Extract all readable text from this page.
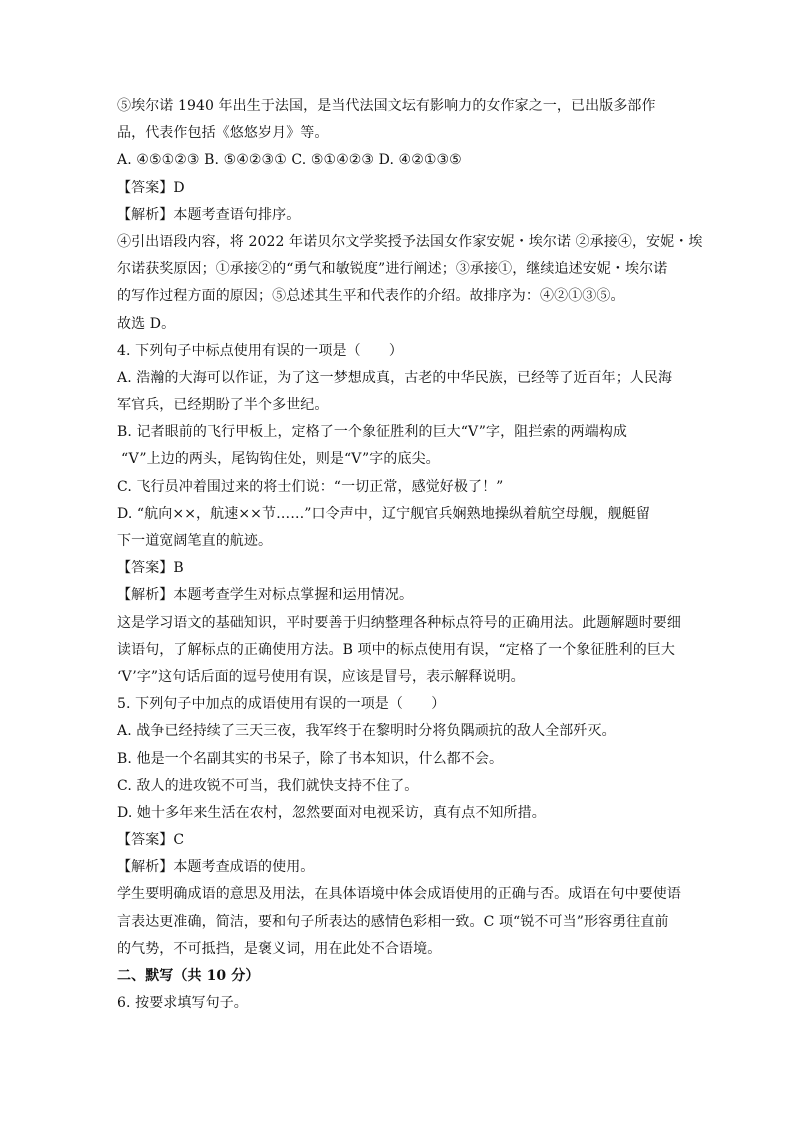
⑤埃尔诺 1940 年出生于法国，是当代法国文坛有影响力的女作家之一，已出版多部作
品，代表作包括《悠悠岁月》等。
A. ④⑤①②③ B. ⑤④②③① C. ⑤①④②③ D. ④②①③⑤
【答案】D
【解析】本题考查语句排序。
④引出语段内容，将 2022 年诺贝尔文学奖授予法国女作家安妮・埃尔诺 ②承接④，安妮・埃
尔诺获奖原因；①承接②的“勇气和敏锐度”进行阐述；③承接①，继续追述安妮・埃尔诺
的写作过程方面的原因；⑤总述其生平和代表作的介绍。故排序为：④②①③⑤。
故选 D。
4. 下列句子中标点使用有误的一项是（　　）
A. 浩瀚的大海可以作证，为了这一梦想成真，古老的中华民族，已经等了近百年；人民海
军官兵，已经期盼了半个多世纪。
B. 记者眼前的飞行甲板上，定格了一个象征胜利的巨大“V”字，阻拦索的两端构成
“V”上边的两头，尾钩钩住处，则是“V”字的底尖。
C. 飞行员冲着围过来的将士们说：“一切正常，感觉好极了！”
D. “航向××，航速××节……”口令声中，辽宁舰官兵娴熟地操纵着航空母舰，舰艇留
下一道宽阔笔直的航迹。
【答案】B
【解析】本题考查学生对标点掌握和运用情况。
这是学习语文的基础知识，平时要善于归纳整理各种标点符号的正确用法。此题解题时要细
读语句，了解标点的正确使用方法。B 项中的标点使用有误，“定格了一个象征胜利的巨大
‘V’字”这句话后面的逗号使用有误，应该是冒号，表示解释说明。
5. 下列句子中加点的成语使用有误的一项是（　　）
A. 战争已经持续了三天三夜，我军终于在黎明时分将负隅顽抗的敌人全部歼灭。
B. 他是一个名副其实的书呆子，除了书本知识，什么都不会。
C. 敌人的进攻锐不可当，我们就快支持不住了。
D. 她十多年来生活在农村，忽然要面对电视采访，真有点不知所措。
【答案】C
【解析】本题考查成语的使用。
学生要明确成语的意思及用法，在具体语境中体会成语使用的正确与否。成语在句中要使语
言表达更准确，简洁，要和句子所表达的感情色彩相一致。C 项“锐不可当”形容勇往直前
的气势，不可抵挡，是褒义词，用在此处不合语境。
二、默写（共 10 分）
6. 按要求填写句子。
